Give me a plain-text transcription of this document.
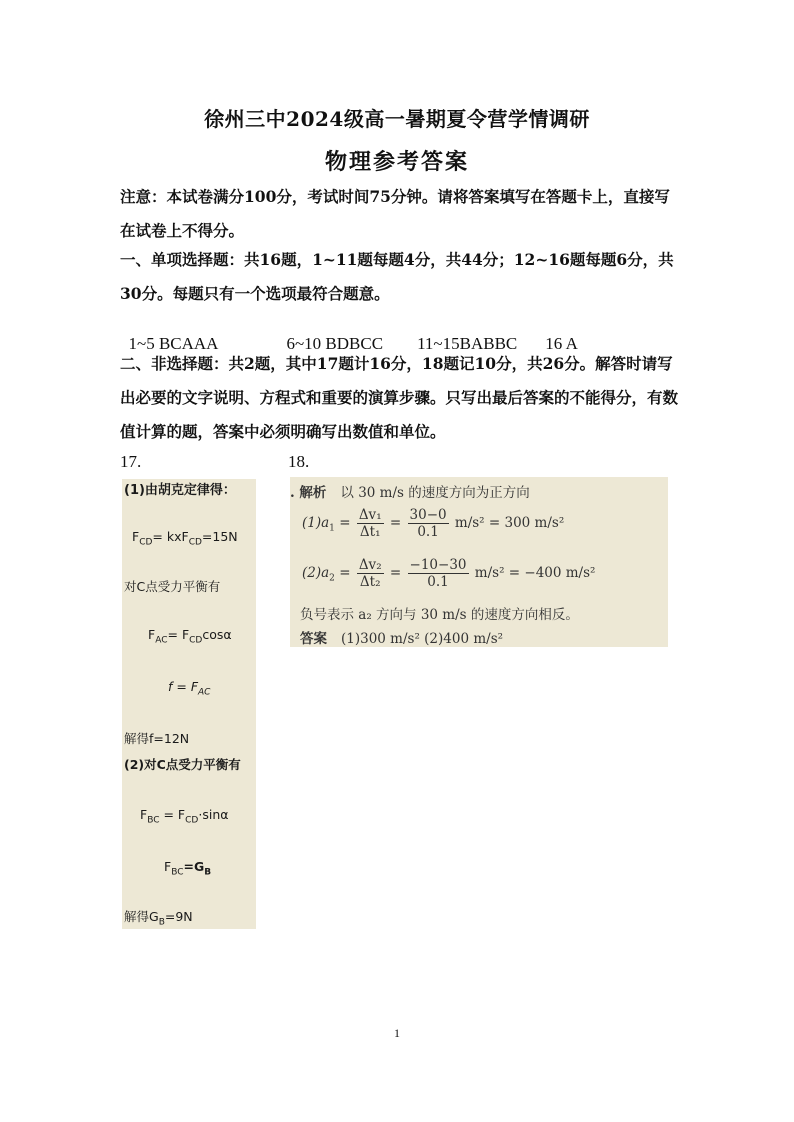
徐州三中2024级高一暑期夏令营学情调研
物理参考答案
注意：本试卷满分100分，考试时间75分钟。请将答案填写在答题卡上，直接写在试卷上不得分。
一、单项选择题：共16题，1~11题每题4分，共44分；12~16题每题6分，共30分。每题只有一个选项最符合题意。

1~5 BCAAA	6~10 BDBCC 11~15BABBC 16 A

二、非选择题：共2题，其中17题计16分，18题记10分，共26分。解答时请写出必要的文字说明、方程式和重要的演算步骤。只写出最后答案的不能得分，有数值计算的题，答案中必须明确写出数值和单位。
17.	18.
(1)由胡克定律得：
$F_{CD}= kxF_{CD}=15N$
对C点受力平衡有
$F_{AC}= F_{CD}\cos\alpha$
$f = F_{AC}$
解得f=12N
(2)对C点受力平衡有
$F_{BC} = F_{CD}\cdot\sin\alpha$
$F_{BC}=G_B$
解得$G_B=9N$
. 解析 以 30 m/s 的速度方向为正方向
$(1)a_1 = \frac{\text{Δv₁}}{\text{Δt₁}} = \frac{30-0}{0.1} m/s^2 = 300$ m/s²
$(2)a_2 = \frac{\text{Δv₂}}{\text{Δt₂}} = \frac{-10-30}{0.1} m/s^2 = -400$ m/s²
负号表示 a₂ 方向与 30 m/s 的速度方向相反。
答案 (1)300 m/s² (2)400 m/s²
1
